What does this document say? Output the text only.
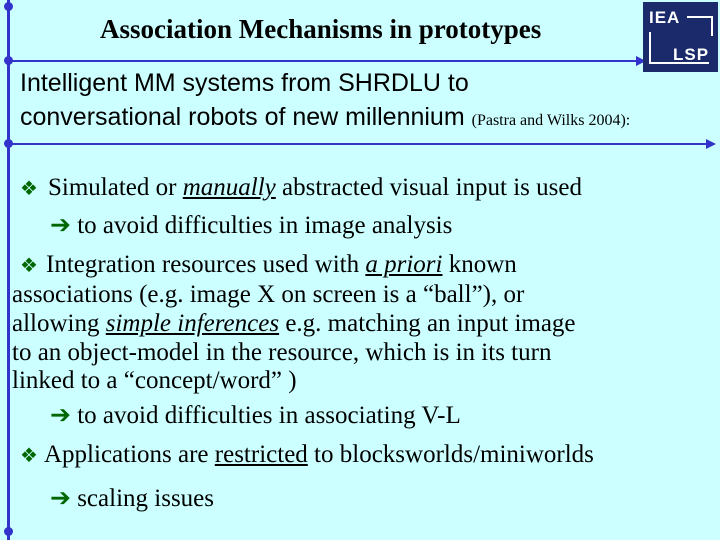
Association Mechanisms in prototypes	IEA
LSP
Intelligent MM systems from SHRDLU to
conversational robots of new millennium (Pastra and Wilks 2004):
❖ Simulated or manually abstracted visual input is used
➔ to avoid difficulties in image analysis
❖ Integration resources used with a priori known
associations (e.g. image X on screen is a “ball”), or
allowing simple inferences e.g. matching an input image
to an object-model in the resource, which is in its turn
linked to a “concept/word” )
➔ to avoid difficulties in associating V-L
❖ Applications are restricted to blocksworlds/miniworlds
➔ scaling issues
